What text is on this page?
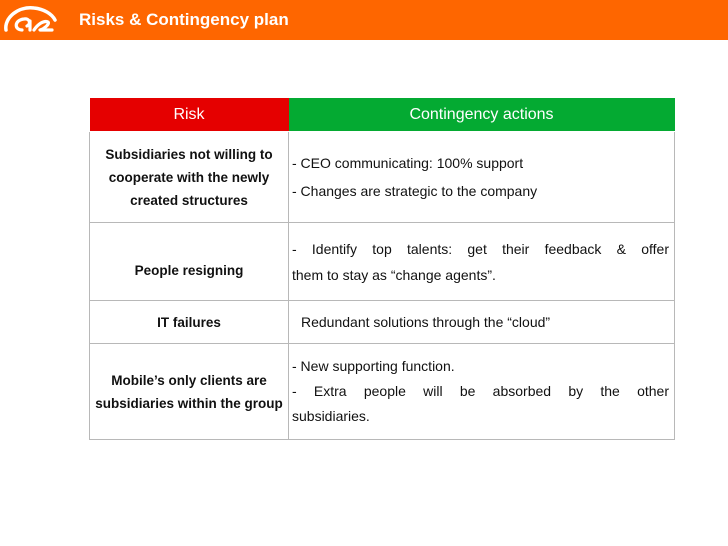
Risks & Contingency plan
Risk	Contingency actions
Subsidiaries not willing to cooperate with the newly created structures	- CEO communicating: 100% support
- Changes are strategic to the company

People resigning	- Identify top talents: get their feedback & offer
them to stay as “change agents”.

IT failures	Redundant solutions through the “cloud”

Mobile’s only clients are subsidiaries within the group	- New supporting function.
- Extra people will be absorbed by the other
subsidiaries.
